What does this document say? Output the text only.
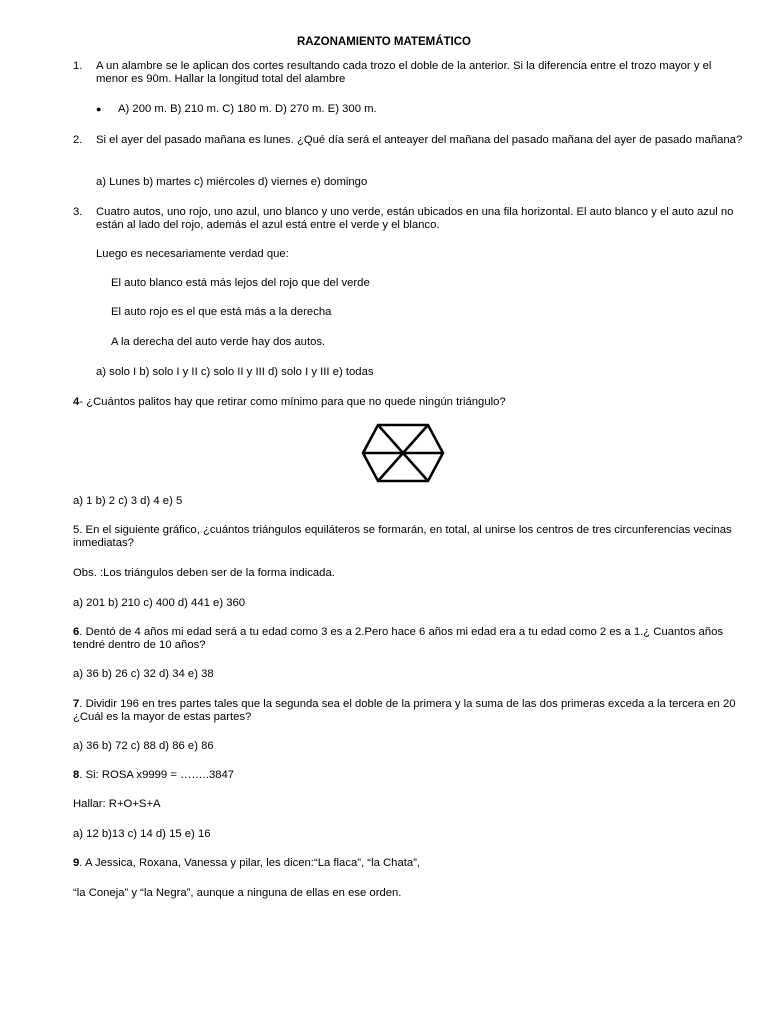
RAZONAMIENTO MATEMÁTICO
1. A un alambre se le aplican dos cortes resultando cada trozo el doble de la anterior. Si la diferencia entre el trozo mayor y el menor es 90m. Hallar la longitud total del alambre
●	A) 200 m. B) 210 m. C) 180 m. D) 270 m. E) 300 m.
2. Si el ayer del pasado mañana es lunes. ¿Qué día será el anteayer del mañana del pasado mañana del ayer de pasado mañana?
a) Lunes b) martes c) miércoles d) viernes e) domingo
3. Cuatro autos, uno rojo, uno azul, uno blanco y uno verde, están ubicados en una fila horizontal. El auto blanco y el auto azul no están al lado del rojo, además el azul está entre el verde y el blanco.
Luego es necesariamente verdad que:
El auto blanco está más lejos del rojo que del verde
El auto rojo es el que está más a la derecha
A la derecha del auto verde hay dos autos.
a) solo I b) solo I y II c) solo II y III d) solo I y III e) todas
4- ¿Cuántos palitos hay que retirar como mínimo para que no quede ningún triángulo?
a) 1 b) 2 c) 3 d) 4 e) 5
5. En el siguiente gráfico, ¿cuántos triángulos equiláteros se formarán, en total, al unirse los centros de tres circunferencias vecinas inmediatas?
Obs. :Los triángulos deben ser de la forma indicada.
a) 201 b) 210 c) 400 d) 441 e) 360
6. Dentó de 4 años mi edad será a tu edad como 3 es a 2.Pero hace 6 años mi edad era a tu edad como 2 es a 1.¿ Cuantos años tendré dentro de 10 años?
a) 36 b) 26 c) 32 d) 34 e) 38
7. Dividir 196 en tres partes tales que la segunda sea el doble de la primera y la suma de las dos primeras exceda a la tercera en 20 ¿Cuál es la mayor de estas partes?
a) 36 b) 72 c) 88 d) 86 e) 86
8. Si: ROSA x9999 = ……..3847
Hallar: R+O+S+A
a) 12 b)13 c) 14 d) 15 e) 16
9. A Jessica, Roxana, Vanessa y pilar, les dicen:“La flaca”, “la Chata”,
“la Coneja” y “la Negra”, aunque a ninguna de ellas en ese orden.
